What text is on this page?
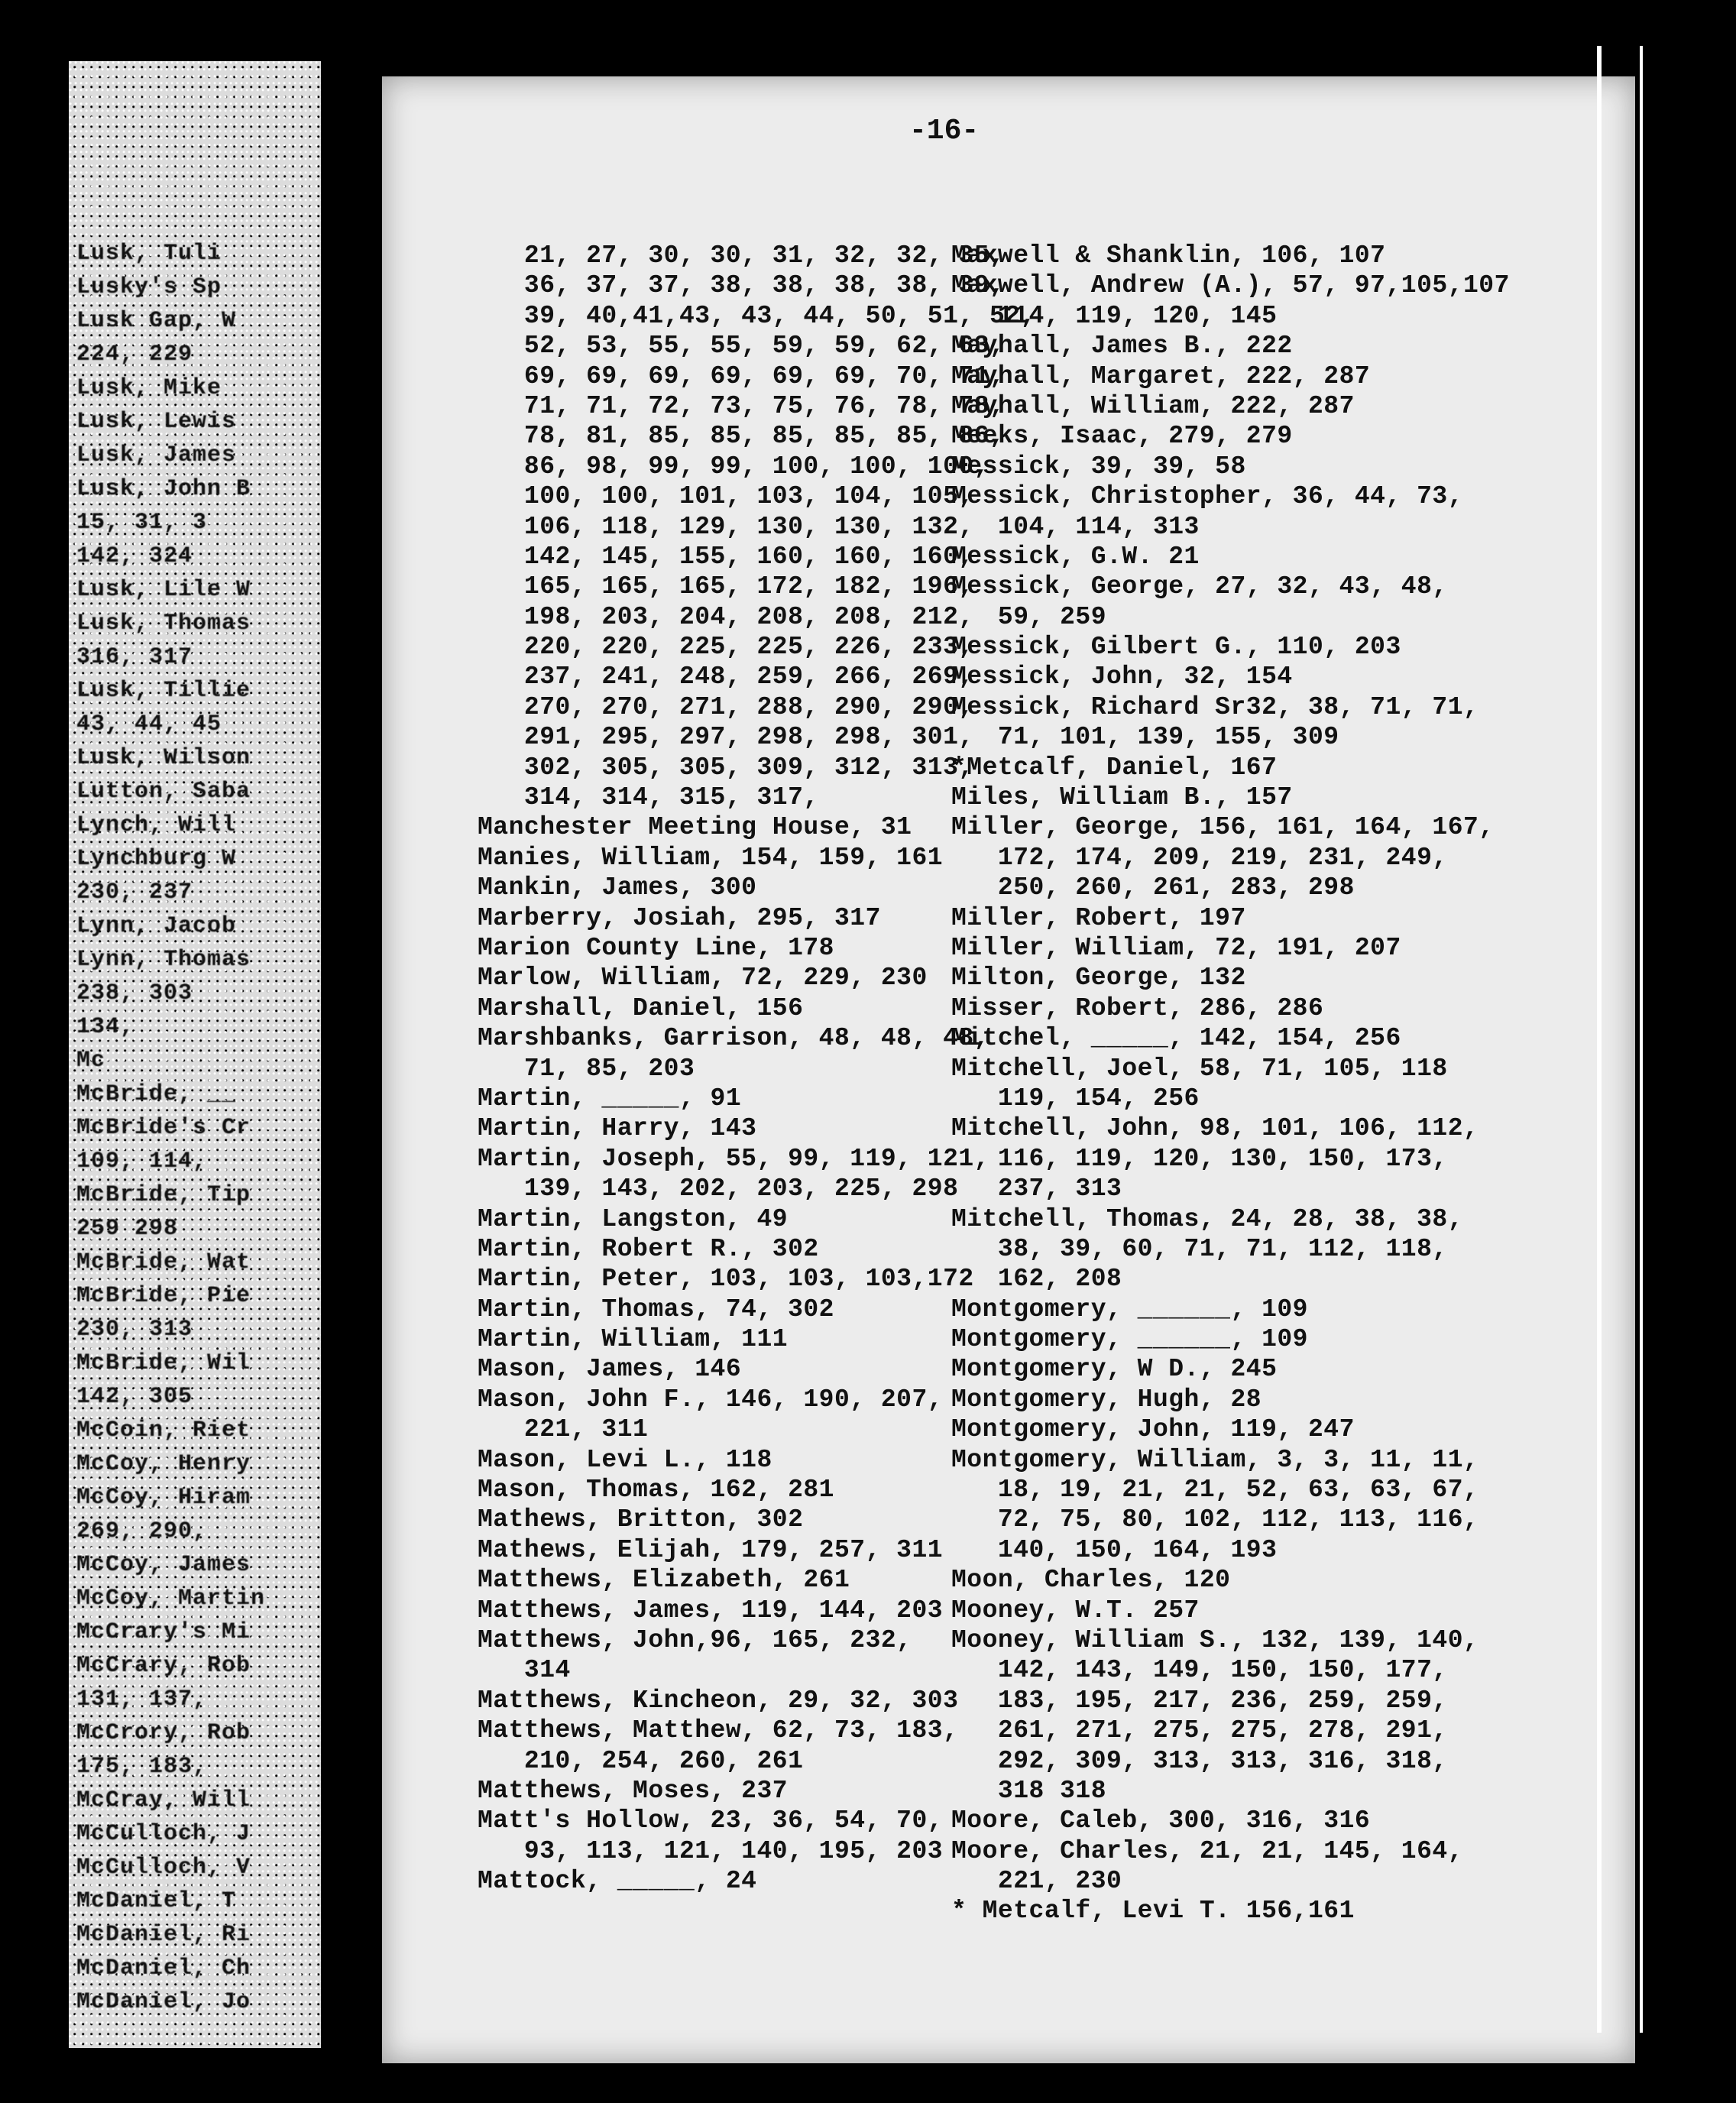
Lusk, Tuli
Lusky's Sp
Lusk Gap, W
224, 229
Lusk, Mike
Lusk, Lewis
Lusk, James
Lusk, John B
15, 31, 3
142, 324
Lusk, Lile W
Lusk, Thomas
316, 317
Lusk, Tillie
43, 44, 45
Lusk, Wilson
Lutton, Saba
Lynch, Will
Lynchburg W
230, 237
Lynn, Jacob
Lynn, Thomas
238, 303
134,
Mc
McBride, __
McBride's Cr
109, 114,
McBride, Tip
259 298
McBride, Wat
McBride, Pie
230, 313
McBride, Wil
142, 305
McCoin, Riet
McCoy, Henry
McCoy, Hiram
269, 290,
McCoy, James
McCoy, Martin
McCrary's Mi
McCrary, Rob
131, 137,
McCrory, Rob
175, 183,
McCray, Will
McCulloch, J
McCulloch, V
McDaniel, T
McDaniel, Ri
McDaniel, Ch
McDaniel, Jo
-16-
21, 27, 30, 30, 31, 32, 32, 35,
36, 37, 37, 38, 38, 38, 38, 39,
39, 40,41,43, 43, 44, 50, 51, 52,
52, 53, 55, 55, 59, 59, 62, 63,
69, 69, 69, 69, 69, 69, 70, 71,
71, 71, 72, 73, 75, 76, 78, 78,
78, 81, 85, 85, 85, 85, 85, 86,
86, 98, 99, 99, 100, 100, 100,
100, 100, 101, 103, 104, 105,
106, 118, 129, 130, 130, 132,
142, 145, 155, 160, 160, 160,
165, 165, 165, 172, 182, 196,
198, 203, 204, 208, 208, 212,
220, 220, 225, 225, 226, 233,
237, 241, 248, 259, 266, 269,
270, 270, 271, 288, 290, 290,
291, 295, 297, 298, 298, 301,
302, 305, 305, 309, 312, 313,
314, 314, 315, 317,
Manchester Meeting House, 31
Manies, William, 154, 159, 161
Mankin, James, 300
Marberry, Josiah, 295, 317
Marion County Line, 178
Marlow, William, 72, 229, 230
Marshall, Daniel, 156
Marshbanks, Garrison, 48, 48, 48,
71, 85, 203
Martin, _____, 91
Martin, Harry, 143
Martin, Joseph, 55, 99, 119, 121,
139, 143, 202, 203, 225, 298
Martin, Langston, 49
Martin, Robert R., 302
Martin, Peter, 103, 103, 103,172
Martin, Thomas, 74, 302
Martin, William, 111
Mason, James, 146
Mason, John F., 146, 190, 207,
221, 311
Mason, Levi L., 118
Mason, Thomas, 162, 281
Mathews, Britton, 302
Mathews, Elijah, 179, 257, 311
Matthews, Elizabeth, 261
Matthews, James, 119, 144, 203
Matthews, John,96, 165, 232,
314
Matthews, Kincheon, 29, 32, 303
Matthews, Matthew, 62, 73, 183,
210, 254, 260, 261
Matthews, Moses, 237
Matt's Hollow, 23, 36, 54, 70,
93, 113, 121, 140, 195, 203
Mattock, _____, 24
Maxwell & Shanklin, 106, 107
Maxwell, Andrew (A.), 57, 97,105,107
114, 119, 120, 145
Mayhall, James B., 222
Mayhall, Margaret, 222, 287
Mayhall, William, 222, 287
Meeks, Isaac, 279, 279
Messick, 39, 39, 58
Messick, Christopher, 36, 44, 73,
104, 114, 313
Messick, G.W. 21
Messick, George, 27, 32, 43, 48,
59, 259
Messick, Gilbert G., 110, 203
Messick, John, 32, 154
Messick, Richard Sr32, 38, 71, 71,
71, 101, 139, 155, 309
*Metcalf, Daniel, 167
Miles, William B., 157
Miller, George, 156, 161, 164, 167,
172, 174, 209, 219, 231, 249,
250, 260, 261, 283, 298
Miller, Robert, 197
Miller, William, 72, 191, 207
Milton, George, 132
Misser, Robert, 286, 286
Mitchel, _____, 142, 154, 256
Mitchell, Joel, 58, 71, 105, 118
119, 154, 256
Mitchell, John, 98, 101, 106, 112,
116, 119, 120, 130, 150, 173,
237, 313
Mitchell, Thomas, 24, 28, 38, 38,
38, 39, 60, 71, 71, 112, 118,
162, 208
Montgomery, ______, 109
Montgomery, ______, 109
Montgomery, W D., 245
Montgomery, Hugh, 28
Montgomery, John, 119, 247
Montgomery, William, 3, 3, 11, 11,
18, 19, 21, 21, 52, 63, 63, 67,
72, 75, 80, 102, 112, 113, 116,
140, 150, 164, 193
Moon, Charles, 120
Mooney, W.T. 257
Mooney, William S., 132, 139, 140,
142, 143, 149, 150, 150, 177,
183, 195, 217, 236, 259, 259,
261, 271, 275, 275, 278, 291,
292, 309, 313, 313, 316, 318,
318 318
Moore, Caleb, 300, 316, 316
Moore, Charles, 21, 21, 145, 164,
221, 230
* Metcalf, Levi T. 156,161
